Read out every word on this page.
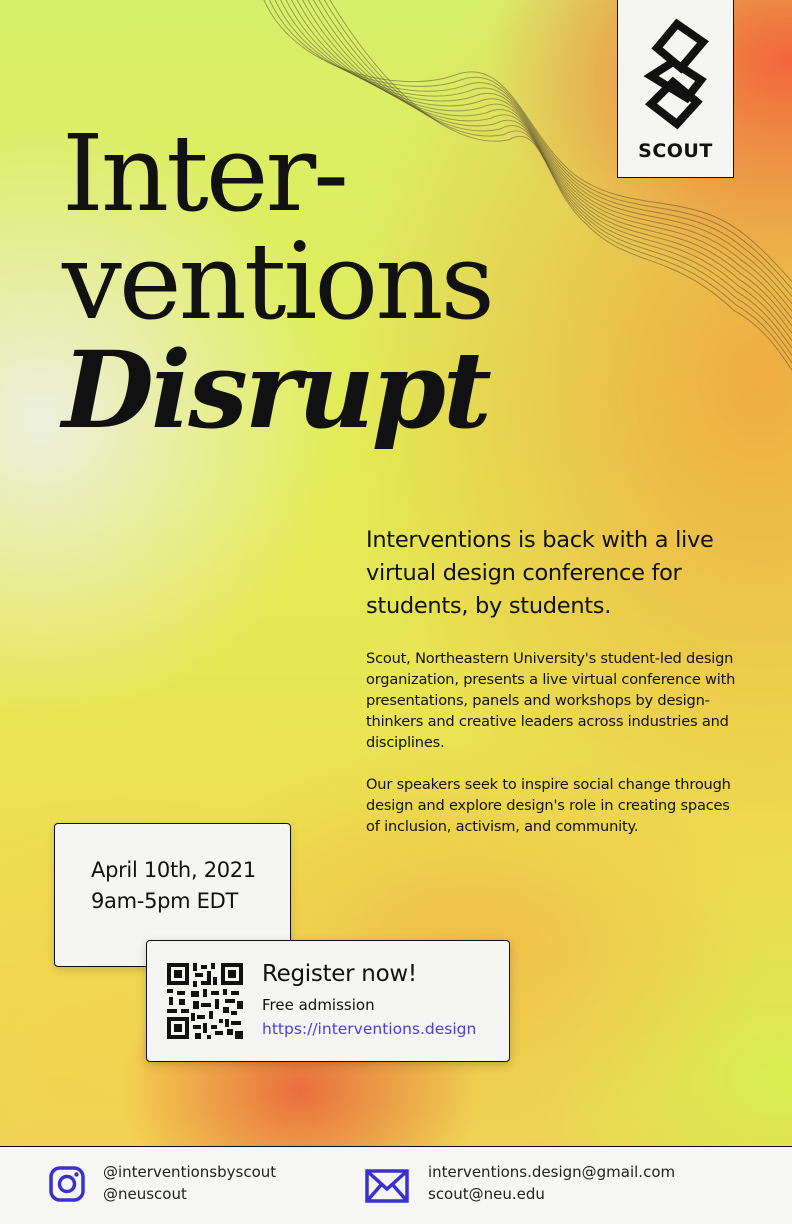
SCOUT
Inter-
ventions
Disrupt
Interventions is back with a live virtual design conference for students, by students.

Scout, Northeastern University's student-led design organization, presents a live virtual conference with presentations, panels and workshops by design-thinkers and creative leaders across industries and disciplines.

Our speakers seek to inspire social change through design and explore design's role in creating spaces of inclusion, activism, and community.

April 10th, 2021
9am-5pm EDT
Register now!
Free admission
https://interventions.design
@interventionsbyscout
@neuscout
interventions.design@gmail.com
scout@neu.edu
